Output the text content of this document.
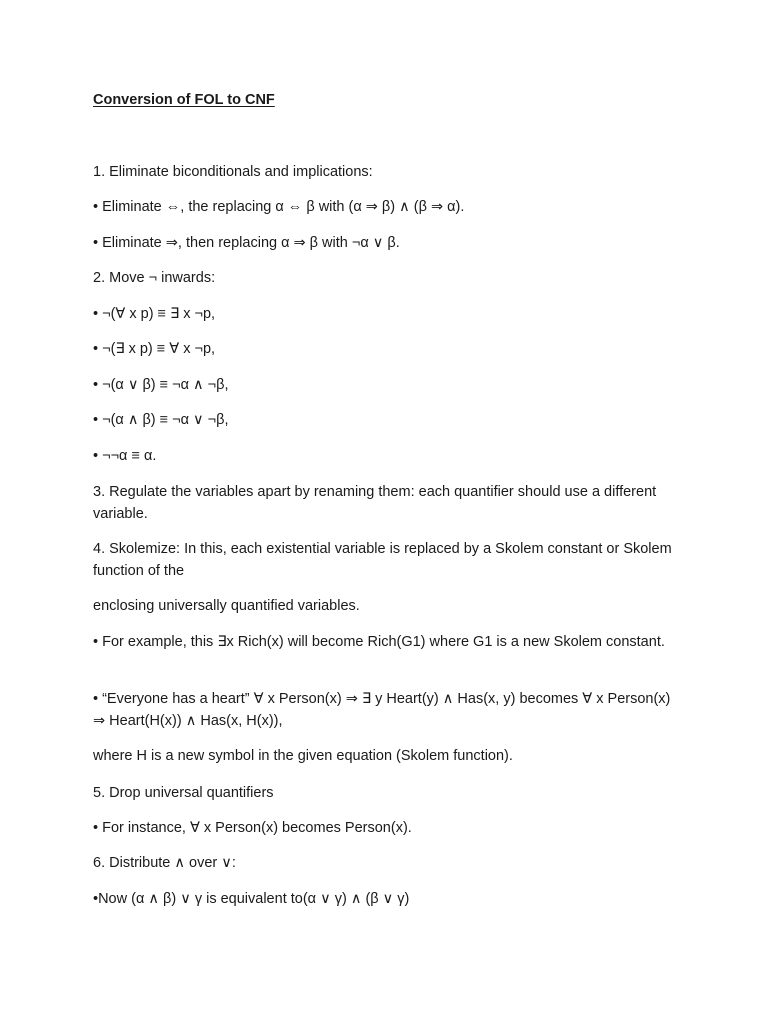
Conversion of FOL to CNF

1. Eliminate biconditionals and implications:

• Eliminate ⇔, the replacing α ⇔ β with (α ⇒ β) ∧ (β ⇒ α).

• Eliminate ⇒, then replacing α ⇒ β with ¬α ∨ β.

2. Move ¬ inwards:

• ¬(∀ x p) ≡ ∃ x ¬p,

• ¬(∃ x p) ≡ ∀ x ¬p,

• ¬(α ∨ β) ≡ ¬α ∧ ¬β,

• ¬(α ∧ β) ≡ ¬α ∨ ¬β,

• ¬¬α ≡ α.

3. Regulate the variables apart by renaming them: each quantifier should use a different variable.

4. Skolemize: In this, each existential variable is replaced by a Skolem constant or Skolem function of the

enclosing universally quantified variables.

• For example, this ∃x Rich(x) will become Rich(G1) where G1 is a new Skolem constant.

• “Everyone has a heart” ∀ x Person(x) ⇒ ∃ y Heart(y) ∧ Has(x, y) becomes ∀ x Person(x) ⇒ Heart(H(x)) ∧ Has(x, H(x)),

where H is a new symbol in the given equation (Skolem function).

5. Drop universal quantifiers

• For instance, ∀ x Person(x) becomes Person(x).

6. Distribute ∧ over ∨:

•Now (α ∧ β) ∨ γ is equivalent to(α ∨ γ) ∧ (β ∨ γ)
